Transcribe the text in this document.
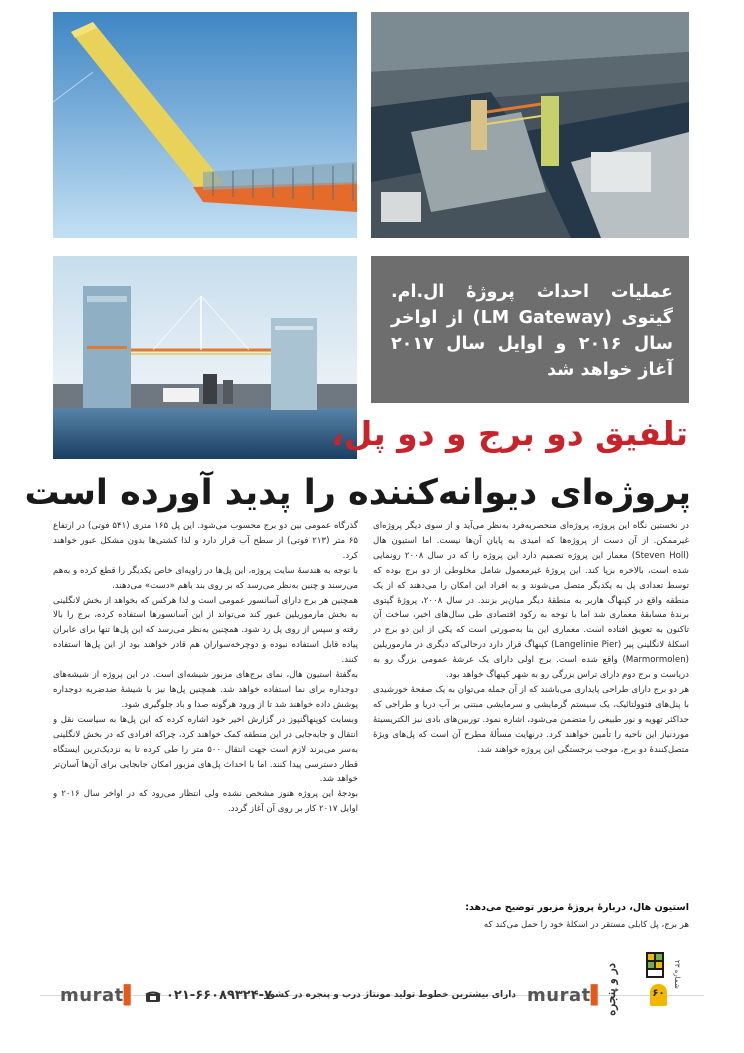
عملیات احداث پروژۀ ال.ام. گیتوی (LM Gateway) از اواخر سال ۲۰۱۶ و اوایل سال ۲۰۱۷ آغاز خواهد شد
تلفیق دو برج و دو پل،
پروژه‌ای دیوانه‌کننده را پدید آورده است

در نخستین نگاه این پروژه، پروژه‌ای منحصربه‌فرد به‌نظر می‌آید و از سوی دیگر پروژه‌ای غیرممکن. از آن دست از پروژه‌ها که امیدی به پایان آن‌ها نیست. اما استیون هال (Steven Holl) معمار این پروژه تصمیم دارد این پروژه را که در سال ۲۰۰۸ رونمایی شده است، بالاخره برپا کند. این پروژۀ غیرمعمول شامل مخلوطی از دو برج بوده که توسط تعدادی پل به یکدیگر متصل می‌شوند و به افراد این امکان را می‌دهند که از یک منطقه واقع در کپنهاگ هاربر به منطقۀ دیگر میان‌بر بزنند. در سال ۲۰۰۸، پروژۀ گیتوی برندۀ مسابقۀ معماری شد اما با توجه به رکود اقتصادی طی سال‌های اخیر، ساخت آن تاکنون به تعویق افتاده است. معماری این بنا به‌صورتی است که یکی از این دو برج در اسکلۀ لانگلینی پیر (Langelinie Pier) کپنهاگ قرار دارد درحالی‌که دیگری در مارموریلین (Marmormolen) واقع شده است. برج اولی دارای یک عرشۀ عمومی بزرگ رو به دریاست و برج دوم دارای تراس بزرگی رو به شهر کپنهاگ خواهد بود.

هر دو برج دارای طراحی پایداری می‌باشند که از آن جمله می‌توان به یک صفحۀ خورشیدی با پنل‌های فتوولتائیک، یک سیستم گرمایشی و سرمایشی مبتنی بر آب دریا و طراحی که حداکثر تهویه و نور طبیعی را متضمن می‌شود، اشاره نمود. توربین‌های بادی نیز الکتریسیتۀ موردنیاز این ناحیه را تأمین خواهند کرد. درنهایت مسألۀ مطرح آن است که پل‌های ویژۀ متصل‌کنندۀ دو برج، موجب برجستگی این پروژه خواهند شد.

استیون هال، دربارۀ پروژۀ مزبور توضیح می‌دهد:
هر برج، پل کابلی مستقر در اسکلۀ خود را حمل می‌کند که

گذرگاه عمومی بین دو برج محسوب می‌شود. این پل ۱۶۵ متری (۵۴۱ فوتی) در ارتفاع ۶۵ متر (۲۱۳ فوتی) از سطح آب قرار دارد و لذا کشتی‌ها بدون مشکل عبور خواهند کرد.

با توجه به هندسۀ سایت پروژه، این پل‌ها در زاویه‌ای خاص یکدیگر را قطع کرده و به‌هم می‌رسند و چنین به‌نظر می‌رسد که بر روی بند باهم «دست» می‌دهند.

همچنین هر برج دارای آسانسور عمومی است و لذا هرکس که بخواهد از بخش لانگلینی به بخش مارموریلین عبور کند می‌تواند از این آسانسورها استفاده کرده، برج را بالا رفته و سپس از روی پل رد شود. همچنین به‌نظر می‌رسد که این پل‌ها تنها برای عابران پیاده قابل استفاده نبوده و دوچرخه‌سواران هم قادر خواهند بود از این پل‌ها استفاده کنند.

به‌گفتۀ استیون هال، نمای برج‌های مزبور شیشه‌ای است. در این پروژه از شیشه‌های دوجداره برای نما استفاده خواهد شد. همچنین پل‌ها نیز با شیشۀ ضدضربه دوجداره پوشش داده خواهند شد تا از ورود هرگونه صدا و باد جلوگیری شود.

وبسایت کوپنهاگنپوز در گزارش اخیر خود اشاره کرده که این پل‌ها به سیاست نقل و انتقال و جابه‌جایی در این منطقه کمک خواهند کرد، چراکه افرادی که در بخش لانگلینی به‌سر می‌برند لازم است جهت انتقال ۵۰۰ متر را طی کرده تا به نزدیک‌ترین ایستگاه قطار دسترسی پیدا کنند. اما با احداث پل‌های مزبور امکان جابجایی برای آن‌ها آسان‌تر خواهد شد.

بودجۀ این پروژه هنوز مشخص نشده ولی انتظار می‌رود که در اواخر سال ۲۰۱۶ و اوایل ۲۰۱۷ کار بر روی آن آغاز گردد.

murat▌ ۰۲۱-۶۶۰۸۹۳۲۴-۷
دارای بیشترین خطوط تولید مونتاژ درب و پنجره در کشور murat▌
در و پنجره	۶۰
شماره ۲۳
